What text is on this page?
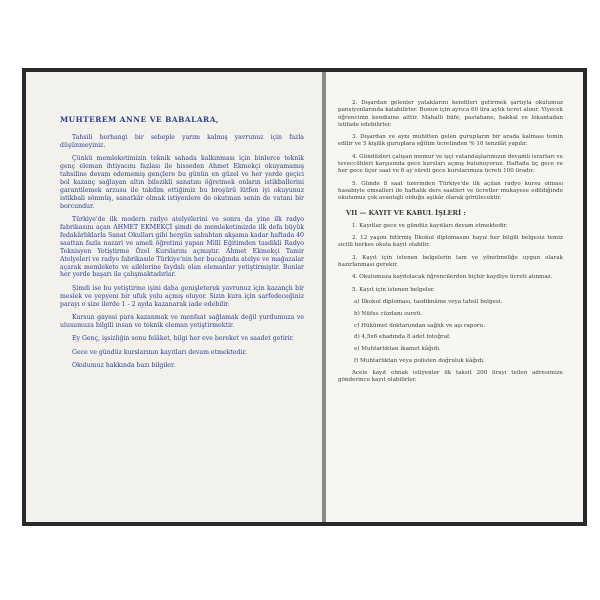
MUHTEREM ANNE VE BABALARA,

Tahsili herhangi bir sebeple yarım kalmış yavrunuz için fazla düşünmeyiniz.

Çünkü memleketimizin teknik sahada kalkınması için binlerce teknik genç eleman ihtiyacını fazlası ile hisseden Ahmet Ekmekçi okuyamamış tahsiline devam edememiş gençlere bu günün en güzel ve her yerde geçici bol kazanç sağlayan altın bilezikli sanatını öğretmek onların istikballerini garantilemek arzusu ile takdim ettiğimiz bu broşürü lütfen iyi okuyunuz istikbali sönmüş, sanatkâr olmak istiyenlere de okutman senin de vatani bir borcundur.

Türkiye'de ilk modern radyo atelyelerini ve sonra da yine ilk radyo fabrikasını açan AHMET EKMEKÇİ şimdi de memleketimizde ilk defa büyük fedakârlıklarla Sanat Okulları gibi hergün sabahtan akşama kadar haftada 40 saattan fazla nazari ve ameli öğretimi yapan Millî Eğitimden tasdikli Radyo Teknisyen Yetiştirme Özel Kurslarını açmıştır. Ahmet Ekmekçi Tamir Atelyeleri ve radyo fabrikasıle Türkiye'nin her bucağında atelye ve mağazalar açarak memlekete ve ailelerine faydalı olan elemanlar yetiştirmiştir. Bunlar her yerde başarı ile çalışmaktadırlar.

Şimdi ise bu yetiştirme işini daha genişleterek yavrunuz için kazançlı bir meslek ve yepyeni bir ufuk yolu açmış oluyor. Sizin kura için sarfedeceğiniz parayı o size ilerde 1 - 2 ayda kazanarak iade edebilir.

Kursun gayesi para kazanmak ve menfaat sağlamak değil yurdumuza ve ulusumuza bilgili insan ve teknik eleman yetiştirmektir.

Ey Genç, işsizliğin sonu felâket, bilgi her eve bereket ve saadet getirir.

Gece ve gündüz kurslarının kayıtları devam etmektedir.

Okulumuz hakkında bazı bilgiler.

2. Dışardan gelenler yataklarını kendileri getirmek şartıyla okulumuz pansiyonlarında kalabilirler. Bunun için ayrıca 60 lira aylık ücret alınır. Yiyecek öğrencinin kendisine aittir. Mahalli büfe, pastahane, bakkal ve lokantadan istifade edebilirler.

3. Dışardan ve aynı muhitten gelen gurupların bir arada kalması temin edilir ve 5 kişilik guruplara eğitim ücretinden % 10 tenzilât yapılır.

4. Gündüzleri çalışan memur ve işçi vatandaşlarımızın devamlı ısrarları ve teveccühleri karşısında gece kursları açmış bulunuyoruz. Haftada üç gece ve her gece üçer saat ve 6 ay süreli gece kurslarımıza ücreti 100 liradır.

5. Günde 8 saat üzerinden Türkiye'de ilk açılan radyo kursu olması hasabiyle emsalleri ile haftalık ders saatleri ve ücretler mukayese edildiğinde okulumuz çok avantajlı olduğu aşikâr olarak görülecektir.

VII — KAYIT VE KABUL İŞLERİ :

1. Kayıtlar gece ve gündüz kayıtları devam etmektedir.

2. 12 yaşını bitirmiş İlkokul diplomasını hayız her bilgili belgesiz temiz sicilli herkes okula kayıt olabilir.

3. Kayıt için istenen belgelerin tam ve yönetmeliğe uygun olarak hazırlanması gerekir.

4. Okulumuza kaydolacak öğrencilerden hiçbir kaydiye ücreti alınmaz.

5. Kayıt için istenen belgeler.

a) İlkokul diploması, tasdiknâme veya tahsil belgesi.
b) Nüfus cüzdanı sureti.
c) Hükümet doktarundan sağlık ve aşı raporu.
d) 4,5x6 ebadında 8 adet fotoğraf.
e) Muhtarlıktan ikamet kâğıdı.
f) Muhtarlıktan veya polisten doğruluk kâğıdı.

Acele kayıt olmak istiyenler ilk taksit 200 lirayı teilen adresimize gönderince kayıt olabilirler.
